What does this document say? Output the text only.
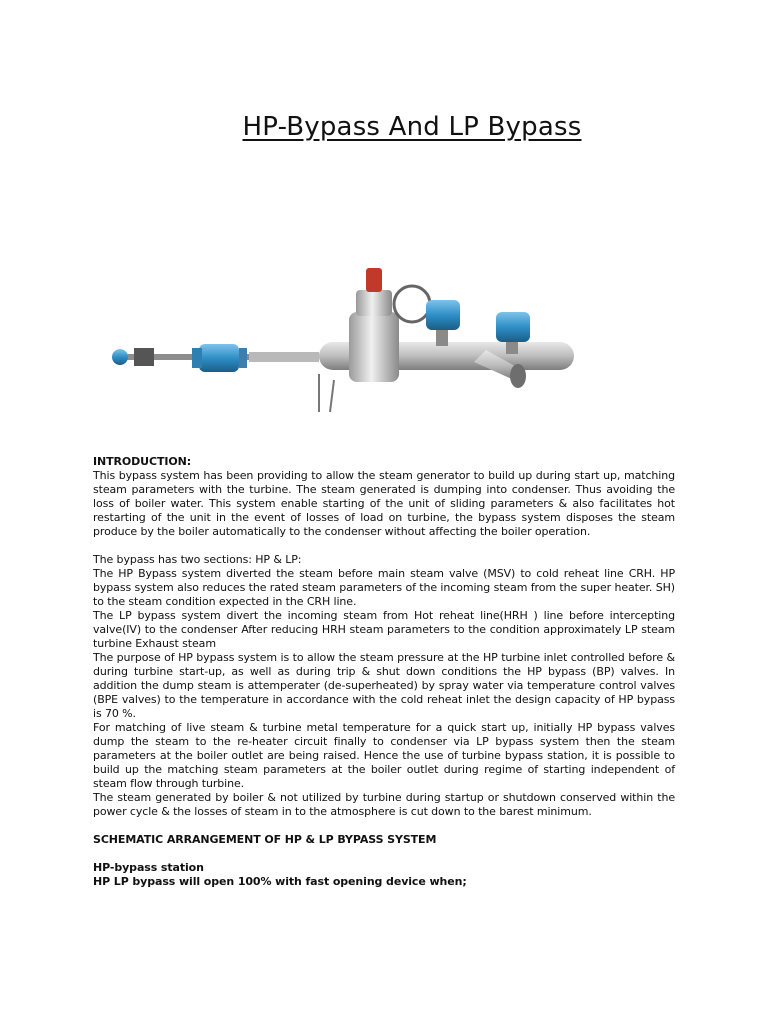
HP-Bypass And LP Bypass

INTRODUCTION:

This bypass system has been providing to allow the steam generator to build up during start up, matching steam parameters with the turbine. The steam generated is dumping into condenser. Thus avoiding the loss of boiler water. This system enable starting of the unit of sliding parameters & also facilitates hot restarting of the unit in the event of losses of load on turbine, the bypass system disposes the steam produce by the boiler automatically to the condenser without affecting the boiler operation.

The bypass has two sections: HP & LP:

The HP Bypass system diverted the steam before main steam valve (MSV) to cold reheat line CRH. HP bypass system also reduces the rated steam parameters of the incoming steam from the super heater. SH) to the steam condition expected in the CRH line.

The LP bypass system divert the incoming steam from Hot reheat line(HRH ) line before intercepting valve(IV) to the condenser After reducing HRH steam parameters to the condition approximately LP steam turbine Exhaust steam

The purpose of HP bypass system is to allow the steam pressure at the HP turbine inlet controlled before & during turbine start-up, as well as during trip & shut down conditions the HP bypass (BP) valves. In addition the dump steam is attemperater (de-superheated) by spray water via temperature control valves (BPE valves) to the temperature in accordance with the cold reheat inlet the design capacity of HP bypass is 70 %.

For matching of live steam & turbine metal temperature for a quick start up, initially HP bypass valves dump the steam to the re-heater circuit finally to condenser via LP bypass system then the steam parameters at the boiler outlet are being raised. Hence the use of turbine bypass station, it is possible to build up the matching steam parameters at the boiler outlet during regime of starting independent of steam flow through turbine.

The steam generated by boiler & not utilized by turbine during startup or shutdown conserved within the power cycle & the losses of steam in to the atmosphere is cut down to the barest minimum.

SCHEMATIC ARRANGEMENT OF HP & LP BYPASS SYSTEM

HP-bypass station

HP LP bypass will open 100% with fast opening device when;
